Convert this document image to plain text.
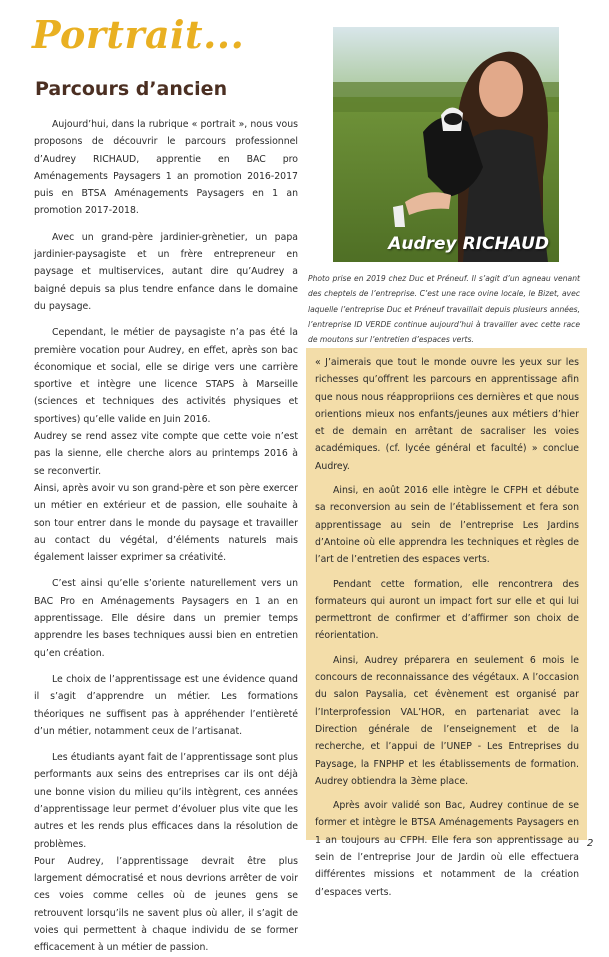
Portrait...
Parcours d’ancien

Aujourd’hui, dans la rubrique « portrait », nous vous proposons de découvrir le parcours professionnel d’Audrey RICHAUD, apprentie en BAC pro Aménagements Paysagers 1 an promotion 2016-2017 puis en BTSA Aménagements Paysagers en 1 an promotion 2017-2018.

Avec un grand-père jardinier-grènetier, un papa jardinier-paysagiste et un frère entrepreneur en paysage et multiservices, autant dire qu’Audrey a baigné depuis sa plus tendre enfance dans le domaine du paysage.

Cependant, le métier de paysagiste n’a pas été la première vocation pour Audrey, en effet, après son bac économique et social, elle se dirige vers une carrière sportive et intègre une licence STAPS à Marseille (sciences et techniques des activités physiques et sportives) qu’elle valide en Juin 2016.

Audrey se rend assez vite compte que cette voie n’est pas la sienne, elle cherche alors au printemps 2016 à se reconvertir.

Ainsi, après avoir vu son grand-père et son père exercer un métier en extérieur et de passion, elle souhaite à son tour entrer dans le monde du paysage et travailler au contact du végétal, d’éléments naturels mais également laisser exprimer sa créativité.

C’est ainsi qu’elle s’oriente naturellement vers un BAC Pro en Aménagements Paysagers en 1 an en apprentissage. Elle désire dans un premier temps apprendre les bases techniques aussi bien en entretien qu’en création.

Le choix de l’apprentissage est une évidence quand il s’agit d’apprendre un métier. Les formations théoriques ne suffisent pas à appréhender l’entièreté d’un métier, notamment ceux de l’artisanat.

Les étudiants ayant fait de l’apprentissage sont plus performants aux seins des entreprises car ils ont déjà une bonne vision du milieu qu’ils intègrent, ces années d’apprentissage leur permet d’évoluer plus vite que les autres et les rends plus efficaces dans la résolution de problèmes.

Pour Audrey, l’apprentissage devrait être plus largement démocratisé et nous devrions arrêter de voir ces voies comme celles où de jeunes gens se retrouvent lorsqu’ils ne savent plus où aller, il s’agit de voies qui permettent à chaque individu de se former efficacement à un métier de passion.

Audrey RICHAUD
Photo prise en 2019 chez Duc et Préneuf. Il s’agit d’un agneau venant des cheptels de l’entreprise. C’est une race ovine locale, le Bizet, avec laquelle l’entreprise Duc et Préneuf travaillait depuis plusieurs années, l’entreprise ID VERDE continue aujourd’hui à travailler avec cette race de moutons sur l’entretien d’espaces verts.

« J’aimerais que tout le monde ouvre les yeux sur les richesses qu’offrent les parcours en apprentissage afin que nous nous réappropriions ces dernières et que nous orientions mieux nos enfants/jeunes aux métiers d’hier et de demain en arrêtant de sacraliser les voies académiques. (cf. lycée général et faculté) » conclue Audrey.

Ainsi, en août 2016 elle intègre le CFPH et débute sa reconversion au sein de l’établissement et fera son apprentissage au sein de l’entreprise Les Jardins d’Antoine où elle apprendra les techniques et règles de l’art de l’entretien des espaces verts.

Pendant cette formation, elle rencontrera des formateurs qui auront un impact fort sur elle et qui lui permettront de confirmer et d’affirmer son choix de réorientation.

Ainsi, Audrey préparera en seulement 6 mois le concours de reconnaissance des végétaux. A l’occasion du salon Paysalia, cet évènement est organisé par l’Interprofession VAL’HOR, en partenariat avec la Direction générale de l’enseignement et de la recherche, et l’appui de l’UNEP - Les Entreprises du Paysage, la FNPHP et les établissements de formation. Audrey obtiendra la 3ème place.

Après avoir validé son Bac, Audrey continue de se former et intègre le BTSA Aménagements Paysagers en 1 an toujours au CFPH. Elle fera son apprentissage au sein de l’entreprise Jour de Jardin où elle effectuera différentes missions et notamment de la création d’espaces verts.

2
